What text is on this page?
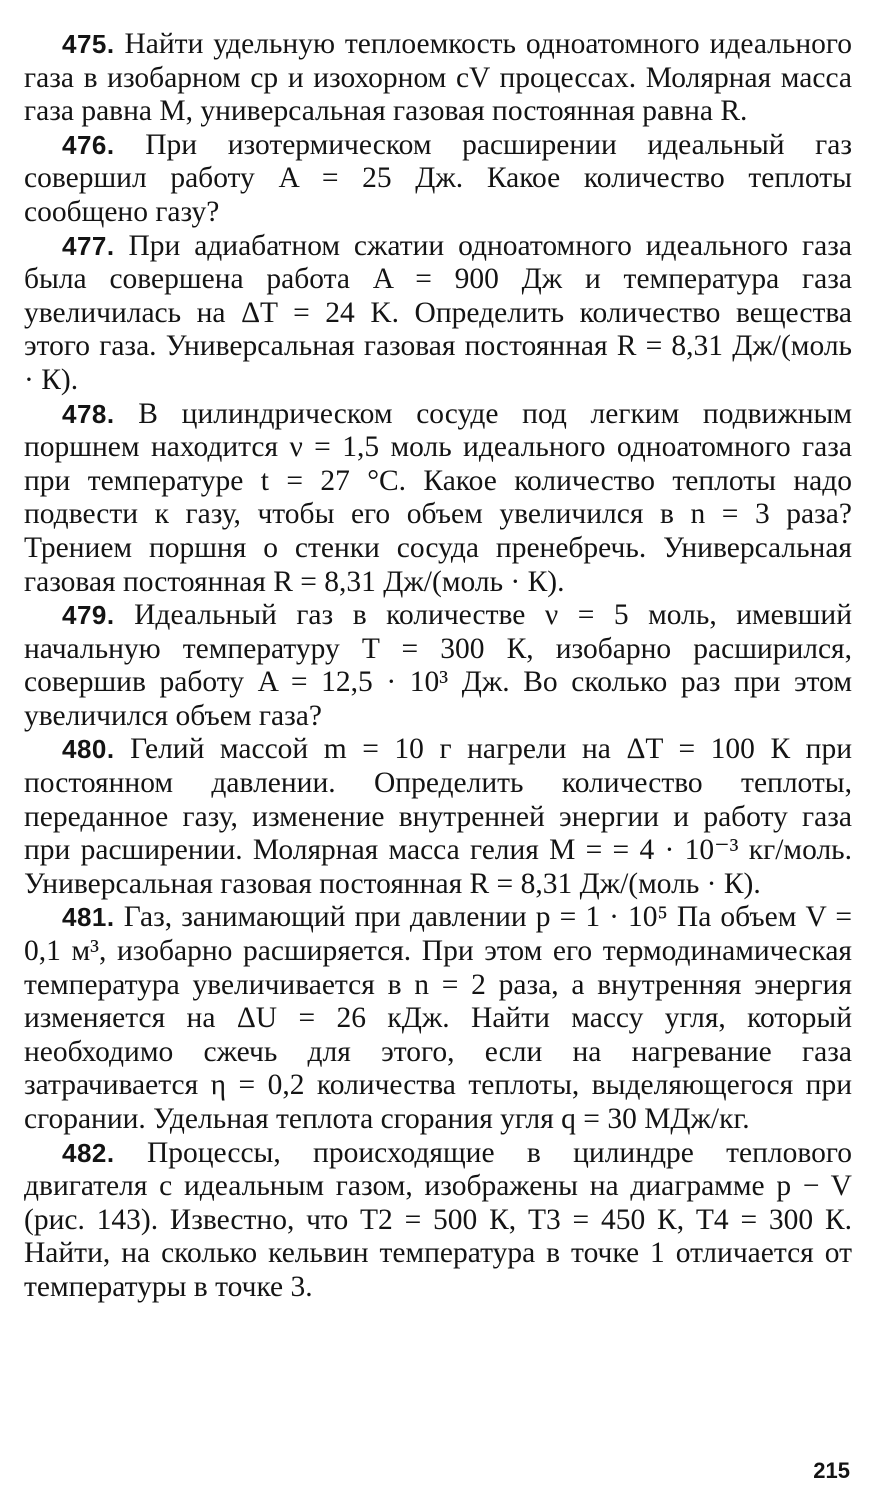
475. Найти удельную теплоемкость одноатомного идеального газа в изобарном cp и изохорном cV процессах. Молярная масса газа равна M, универсальная газовая постоянная равна R.

476. При изотермическом расширении идеальный газ совершил работу A = 25 Дж. Какое количество теплоты сообщено газу?

477. При адиабатном сжатии одноатомного идеального газа была совершена работа A = 900 Дж и температура газа увеличилась на ΔT = 24 K. Определить количество вещества этого газа. Универсальная газовая постоянная R = 8,31 Дж/(моль · К).

478. В цилиндрическом сосуде под легким подвижным поршнем находится ν = 1,5 моль идеального одноатомного газа при температуре t = 27 °С. Какое количество теплоты надо подвести к газу, чтобы его объем увеличился в n = 3 раза? Трением поршня о стенки сосуда пренебречь. Универсальная газовая постоянная R = 8,31 Дж/(моль · К).

479. Идеальный газ в количестве ν = 5 моль, имевший начальную температуру T = 300 К, изобарно расширился, совершив работу A = 12,5 · 10³ Дж. Во сколько раз при этом увеличился объем газа?

480. Гелий массой m = 10 г нагрели на ΔT = 100 К при постоянном давлении. Определить количество теплоты, переданное газу, изменение внутренней энергии и работу газа при расширении. Молярная масса гелия M = = 4 · 10⁻³ кг/моль. Универсальная газовая постоянная R = 8,31 Дж/(моль · К).

481. Газ, занимающий при давлении p = 1 · 10⁵ Па объем V = 0,1 м³, изобарно расширяется. При этом его термодинамическая температура увеличивается в n = 2 раза, а внутренняя энергия изменяется на ΔU = 26 кДж. Найти массу угля, который необходимо сжечь для этого, если на нагревание газа затрачивается η = 0,2 количества теплоты, выделяющегося при сгорании. Удельная теплота сгорания угля q = 30 МДж/кг.

482. Процессы, происходящие в цилиндре теплового двигателя с идеальным газом, изображены на диаграмме p − V (рис. 143). Известно, что T2 = 500 К, T3 = 450 К, T4 = 300 К. Найти, на сколько кельвин температура в точке 1 отличается от температуры в точке 3.

215
